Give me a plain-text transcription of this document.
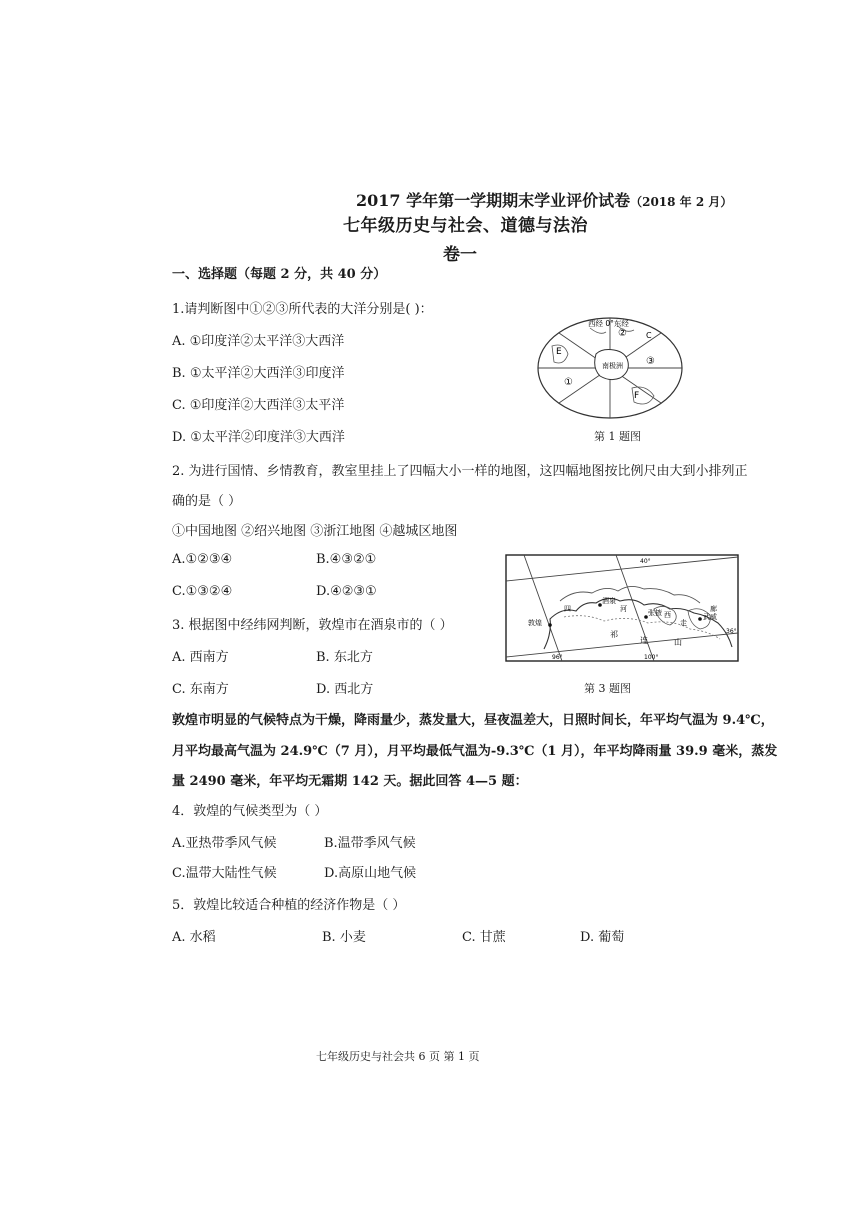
2017 学年第一学期期末学业评价试卷（2018 年 2 月）
七年级历史与社会、道德与法治
卷一
一、选择题（每题 2 分，共 40 分）
1.请判断图中①②③所代表的大洋分别是( )：
A. ①印度洋②太平洋③大西洋
B. ①太平洋②大西洋③印度洋
C. ①印度洋②大西洋③太平洋
D. ①太平洋②印度洋③大西洋
西经 0°东经
南极洲
E
F
C
①
②
③
第 1 题图
2. 为进行国情、乡情教育，教室里挂上了四幅大小一样的地图，这四幅地图按比例尺由大到小排列正
确的是（ ）
①中国地图 ②绍兴地图 ③浙江地图 ④越城区地图
A.①②③④	B.④③②①
C.①③②④	D.④②③①
3. 根据图中经纬网判断，敦煌市在酒泉市的（ ）
A. 西南方	B. 东北方
C. 东南方	D. 西北方
敦煌
酒泉
武威
张掖
祁
连	山
四	河
西
走
廊
40°
96°	100°
36°
第 3 题图
敦煌市明显的气候特点为干燥，降雨量少，蒸发量大，昼夜温差大，日照时间长，年平均气温为 9.4℃，
月平均最高气温为 24.9℃（7 月），月平均最低气温为-9.3℃（1 月），年平均降雨量 39.9 毫米，蒸发
量 2490 毫米，年平均无霜期 142 天。据此回答 4—5 题：
4．敦煌的气候类型为（ ）
A.亚热带季风气候	B.温带季风气候
C.温带大陆性气候	D.高原山地气候
5．敦煌比较适合种植的经济作物是（ ）
A. 水稻	B. 小麦	C. 甘蔗	D. 葡萄
七年级历史与社会共 6 页 第 1 页
